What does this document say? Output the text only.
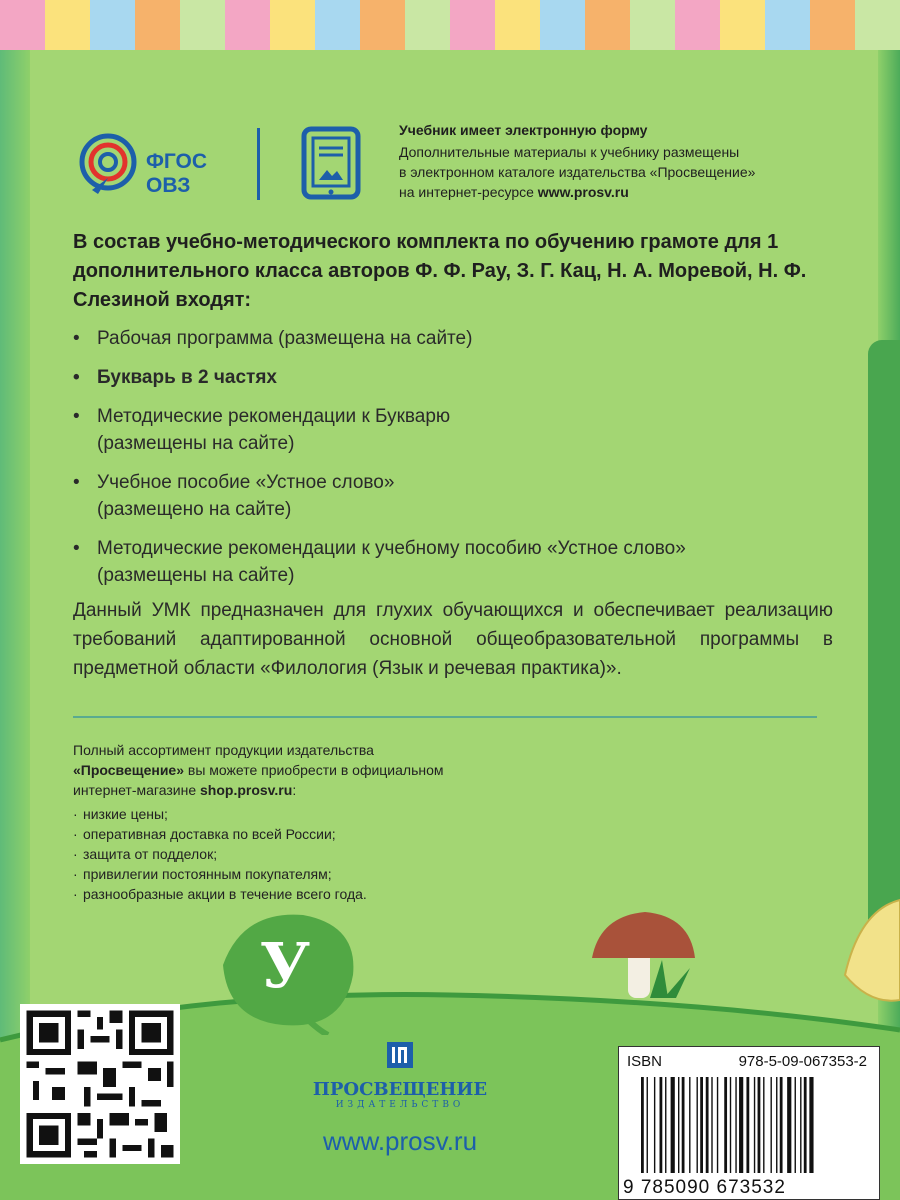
ФГОС
ОВЗ
Учебник имеет электронную форму
Дополнительные материалы к учебнику размещены
в электронном каталоге издательства «Просвещение»
на интернет-ресурсе www.prosv.ru
В состав учебно-методического комплекта по обучению грамоте для 1 дополнительного класса авторов Ф. Ф. Рау, З. Г. Кац, Н. А. Моревой, Н. Ф. Слезиной входят:
• Рабочая программа (размещена на сайте)
• Букварь в 2 частях
• Методические рекомендации к Букварю
(размещены на сайте)
• Учебное пособие «Устное слово»
(размещено на сайте)
• Методические рекомендации к учебному пособию «Устное слово»
(размещены на сайте)
Данный УМК предназначен для глухих обучающихся и обеспечивает реализацию требований адаптированной основной общеобразовательной программы в предметной области «Филология (Язык и речевая практика)».
Полный ассортимент продукции издательства
«Просвещение» вы можете приобрести в официальном
интернет-магазине shop.prosv.ru:
· низкие цены;
· оперативная доставка по всей России;
· защита от подделок;
· привилегии постоянным покупателям;
· разнообразные акции в течение всего года.
У
ПРОСВЕЩЕНИЕ
ИЗДАТЕЛЬСТВО
www.prosv.ru
ISBN	978-5-09-067353-2
9 785090 673532
